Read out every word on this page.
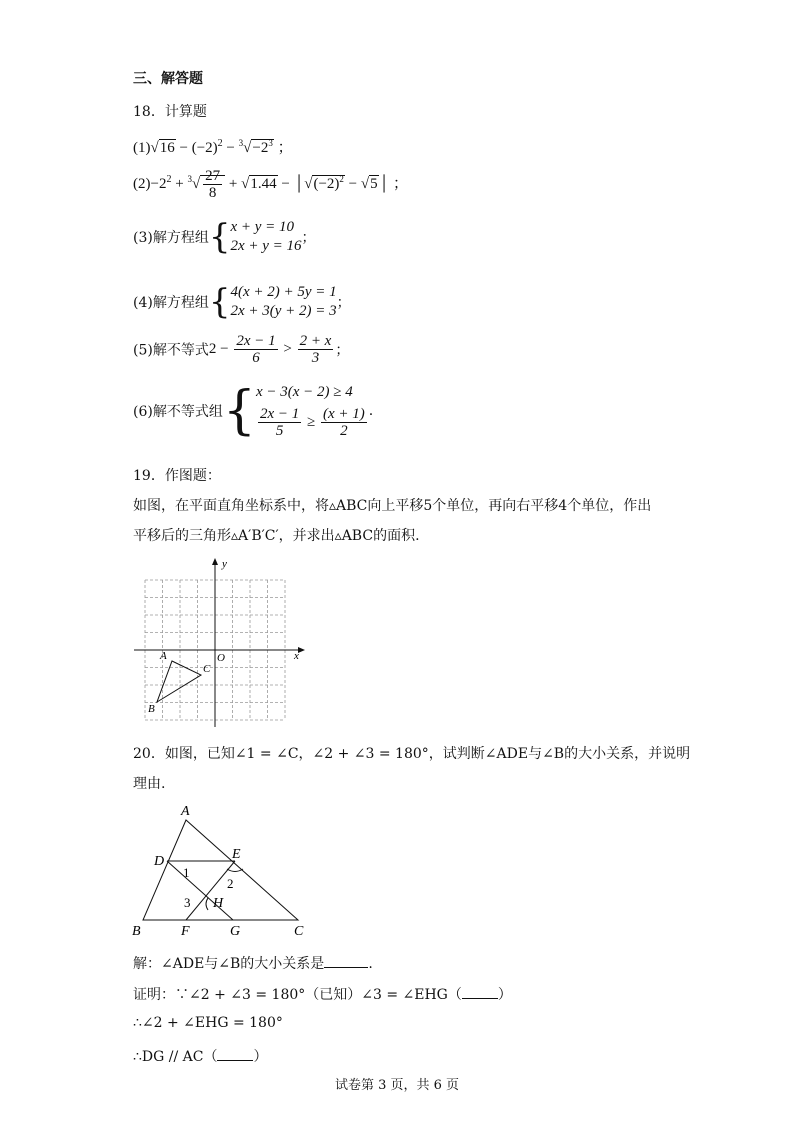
三、解答题
18．计算题
$(1)√16 - (-2)^2 - ^3√-2^3$ ；
$(2)-2^2 + ^3√ \frac{27}{8} + √1.44$ − $│√(-2)^2$ − √5│ ；
(3)解方程组{ x + y = 10
2x + y = 16 ；
(4)解方程组{ 4(x + 2) + 5y = 1
2x + 3(y + 2) = 3 ；
(5)解不等式$2 - \frac{2x - 1}{6} > \frac{2 + x}{3}$ ；
(6)解不等式组{ x − 3(x − 2) ≥ 4
$\frac{2x - 1}{5} \ge \frac{(x + 1)}{2}$ .
19．作图题：
如图，在平面直角坐标系中，将▵ABC向上平移5个单位，再向右平移4个单位，作出
平移后的三角形▵A′B′C′，并求出▵ABC的面积.
y
x
O
A
B
C
20．如图，已知∠1 = ∠C，∠2 + ∠3 = 180°，试判断∠ADE与∠B的大小关系，并说明
理由.
A
B	C
D	E
F	G
H
1
2
3
解：∠ADE与∠B的大小关系是	.
证明：∵∠2 + ∠3 = 180°（已知）∠3 = ∠EHG（	）
∴∠2 + ∠EHG = 180°
∴DG // AC（	）
试卷第 3 页，共 6 页
